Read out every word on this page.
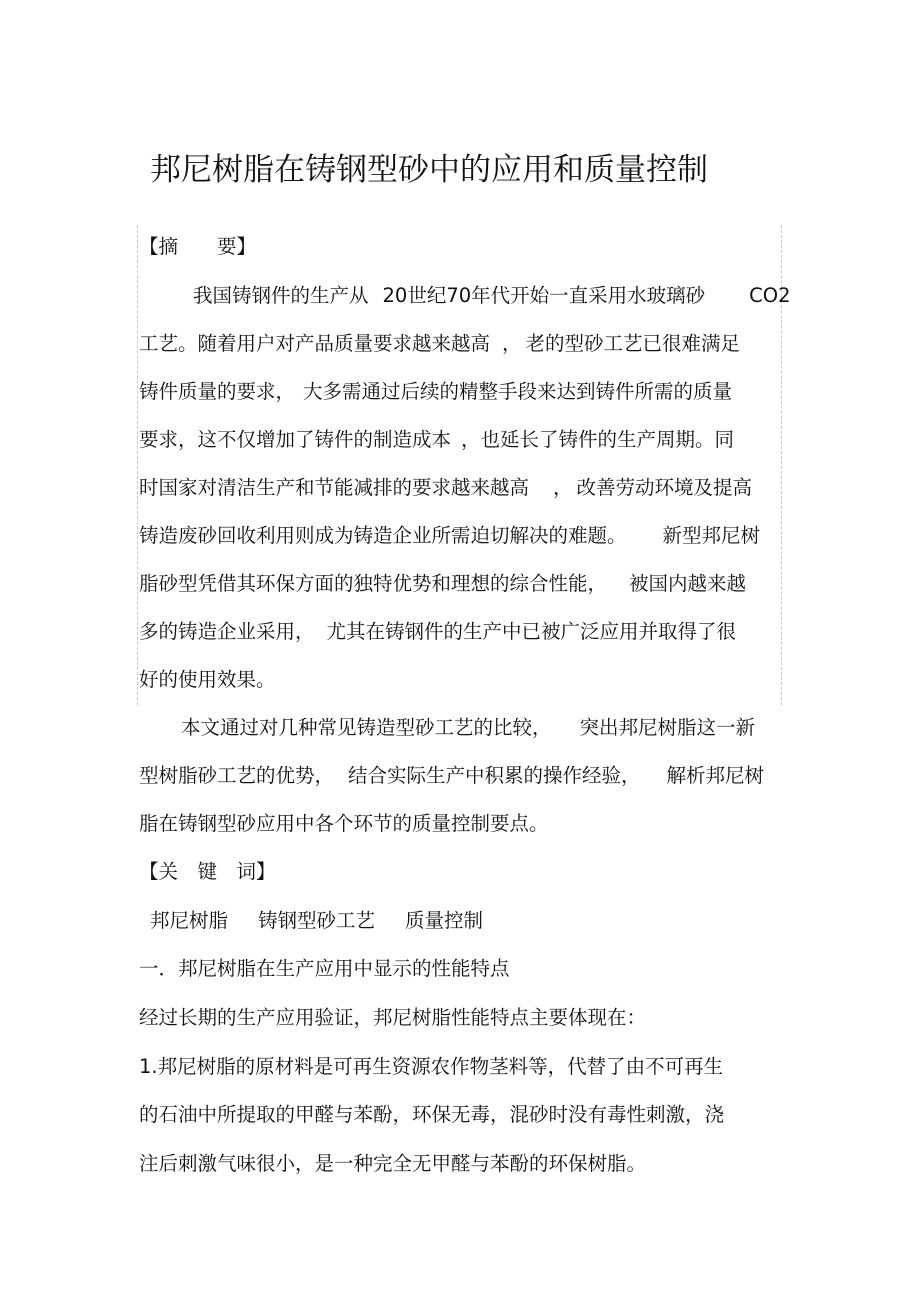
邦尼树脂在铸钢型砂中的应用和质量控制
【摘　　要】
我国铸钢件的生产从 20世纪70年代开始一直采用水玻璃砂 CO2
工艺。随着用户对产品质量要求越来越高 ， 老的型砂工艺已很难满足
铸件质量的要求， 大多需通过后续的精整手段来达到铸件所需的质量
要求，这不仅增加了铸件的制造成本 ，也延长了铸件的生产周期。同
时国家对清洁生产和节能减排的要求越来越高 ， 改善劳动环境及提高
铸造废砂回收利用则成为铸造企业所需迫切解决的难题。 新型邦尼树
脂砂型凭借其环保方面的独特优势和理想的综合性能， 被国内越来越
多的铸造企业采用， 尤其在铸钢件的生产中已被广泛应用并取得了很
好的使用效果。
本文通过对几种常见铸造型砂工艺的比较， 突出邦尼树脂这一新
型树脂砂工艺的优势， 结合实际生产中积累的操作经验， 解析邦尼树
脂在铸钢型砂应用中各个环节的质量控制要点。
【关　键　词】
邦尼树脂 铸钢型砂工艺 质量控制
一．邦尼树脂在生产应用中显示的性能特点
经过长期的生产应用验证，邦尼树脂性能特点主要体现在：
1.邦尼树脂的原材料是可再生资源农作物茎料等，代替了由不可再生
的石油中所提取的甲醛与苯酚，环保无毒，混砂时没有毒性刺激，浇
注后刺激气味很小，是一种完全无甲醛与苯酚的环保树脂。
